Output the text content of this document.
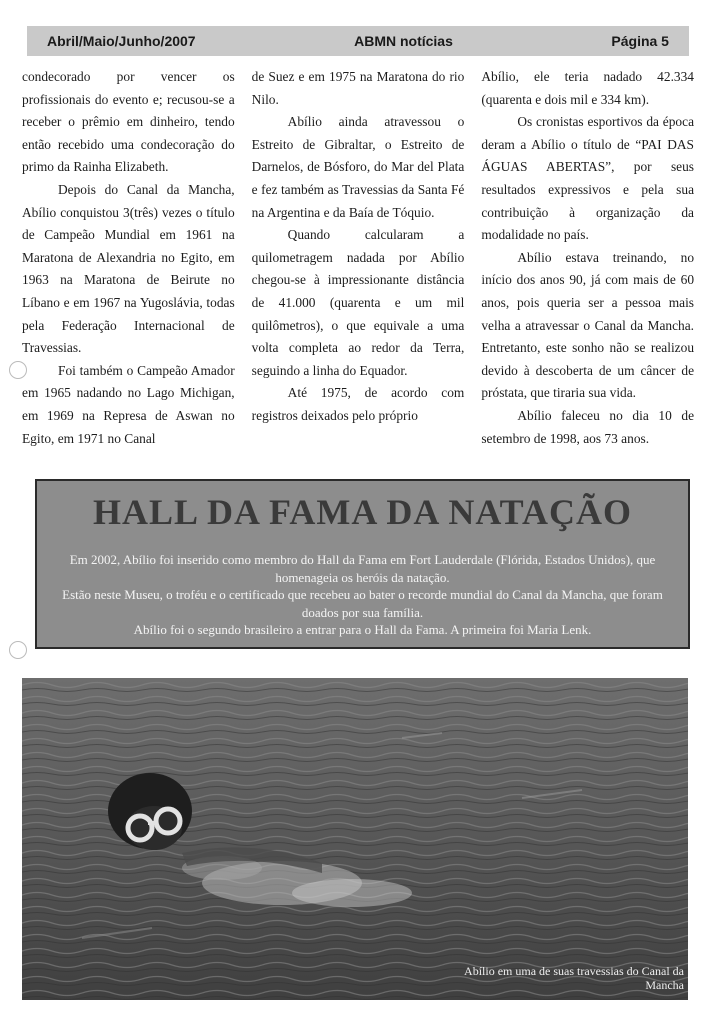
Abril/Maio/Junho/2007	ABMN notícias	Página 5

condecorado por vencer os profissionais do evento e; recusou-se a receber o prêmio em dinheiro, tendo então recebido uma condecoração do primo da Rainha Elizabeth.

Depois do Canal da Mancha, Abílio conquistou 3(três) vezes o título de Campeão Mundial em 1961 na Maratona de Alexandria no Egito, em 1963 na Maratona de Beirute no Líbano e em 1967 na Yugoslávia, todas pela Federação Internacional de Travessias.

Foi também o Campeão Amador em 1965 nadando no Lago Michigan, em 1969 na Represa de Aswan no Egito, em 1971 no Canal

de Suez e em 1975 na Maratona do rio Nilo.

Abílio ainda atravessou o Estreito de Gibraltar, o Estreito de Darnelos, de Bósforo, do Mar del Plata e fez também as Travessias da Santa Fé na Argentina e da Baía de Tóquio.

Quando calcularam a quilometragem nadada por Abílio chegou-se à impressionante distância de 41.000 (quarenta e um mil quilômetros), o que equivale a uma volta completa ao redor da Terra, seguindo a linha do Equador.

Até 1975, de acordo com registros deixados pelo próprio

Abílio, ele teria nadado 42.334 (quarenta e dois mil e 334 km).

Os cronistas esportivos da época deram a Abílio o título de “PAI DAS ÁGUAS ABERTAS”, por seus resultados expressivos e pela sua contribuição à organização da modalidade no país.

Abílio estava treinando, no início dos anos 90, já com mais de 60 anos, pois queria ser a pessoa mais velha a atravessar o Canal da Mancha. Entretanto, este sonho não se realizou devido à descoberta de um câncer de próstata, que tiraria sua vida.

Abílio faleceu no dia 10 de setembro de 1998, aos 73 anos.

HALL DA FAMA DA NATAÇÃO

Em 2002, Abílio foi inserido como membro do Hall da Fama em Fort Lauderdale (Flórida, Estados Unidos), que homenageia os heróis da natação.

Estão neste Museu, o troféu e o certificado que recebeu ao bater o recorde mundial do Canal da Mancha, que foram doados por sua família.

Abílio foi o segundo brasileiro a entrar para o Hall da Fama. A primeira foi Maria Lenk.

Abílio em uma de suas travessias do Canal da Mancha
